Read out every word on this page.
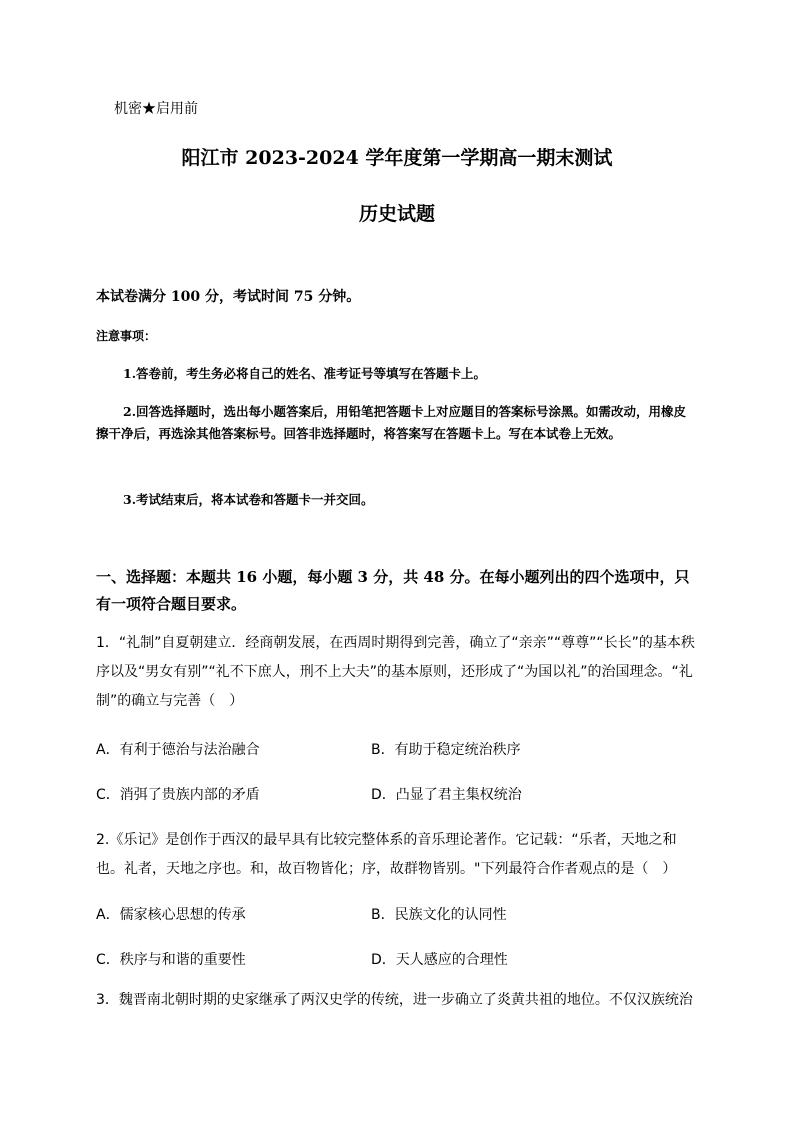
机密★启用前
阳江市 2023-2024 学年度第一学期高一期末测试
历史试题
本试卷满分 100 分，考试时间 75 分钟。
注意事项：
1.答卷前，考生务必将自己的姓名、准考证号等填写在答题卡上。
2.回答选择题时，选出每小题答案后，用铅笔把答题卡上对应题目的答案标号涂黑。如需改动，用橡皮擦干净后，再选涂其他答案标号。回答非选择题时，将答案写在答题卡上。写在本试卷上无效。
3.考试结束后，将本试卷和答题卡一并交回。
一、选择题：本题共 16 小题，每小题 3 分，共 48 分。在每小题列出的四个选项中，只有一项符合题目要求。
1．“礼制”自夏朝建立．经商朝发展，在西周时期得到完善，确立了“亲亲”“尊尊”“长长”的基本秩序以及“男女有别”“礼不下庶人，刑不上大夫”的基本原则，还形成了“为国以礼”的治国理念。“礼制”的确立与完善（　）
A．有利于德治与法治融合	B．有助于稳定统治秩序
C．消弭了贵族内部的矛盾	D．凸显了君主集权统治
2.《乐记》是创作于西汉的最早具有比较完整体系的音乐理论著作。它记载：“乐者，天地之和也。礼者，天地之序也。和，故百物皆化；序，故群物皆别。"下列最符合作者观点的是（　）
A．儒家核心思想的传承	B．民族文化的认同性
C．秩序与和谐的重要性	D．天人感应的合理性
3．魏晋南北朝时期的史家继承了两汉史学的传统，进一步确立了炎黄共祖的地位。不仅汉族统治
